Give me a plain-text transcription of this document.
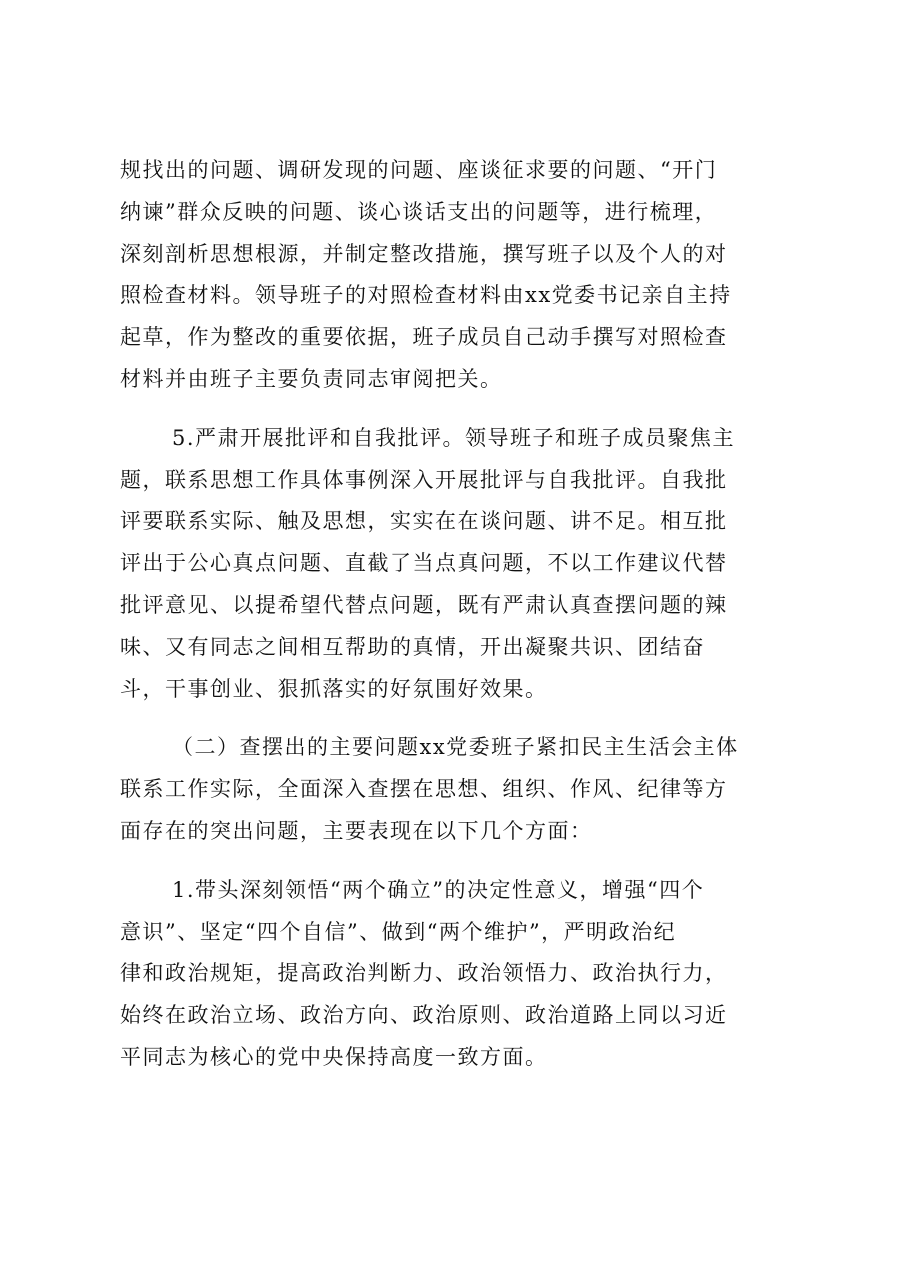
规找出的问题、调研发现的问题、座谈征求要的问题、“开门
纳谏”群众反映的问题、谈心谈话支出的问题等，进行梳理，
深刻剖析思想根源，并制定整改措施，撰写班子以及个人的对
照检查材料。领导班子的对照检查材料由xx党委书记亲自主持
起草，作为整改的重要依据，班子成员自己动手撰写对照检查
材料并由班子主要负责同志审阅把关。

5.严肃开展批评和自我批评。领导班子和班子成员聚焦主
题，联系思想工作具体事例深入开展批评与自我批评。自我批
评要联系实际、触及思想，实实在在谈问题、讲不足。相互批
评出于公心真点问题、直截了当点真问题，不以工作建议代替
批评意见、以提希望代替点问题，既有严肃认真查摆问题的辣
味、又有同志之间相互帮助的真情，开出凝聚共识、团结奋
斗，干事创业、狠抓落实的好氛围好效果。

（二）查摆出的主要问题xx党委班子紧扣民主生活会主体
联系工作实际，全面深入查摆在思想、组织、作风、纪律等方
面存在的突出问题，主要表现在以下几个方面：

1.带头深刻领悟“两个确立”的决定性意义，增强“四个
意识”、坚定“四个自信”、做到“两个维护”，严明政治纪
律和政治规矩，提高政治判断力、政治领悟力、政治执行力，
始终在政治立场、政治方向、政治原则、政治道路上同以习近
平同志为核心的党中央保持高度一致方面。
